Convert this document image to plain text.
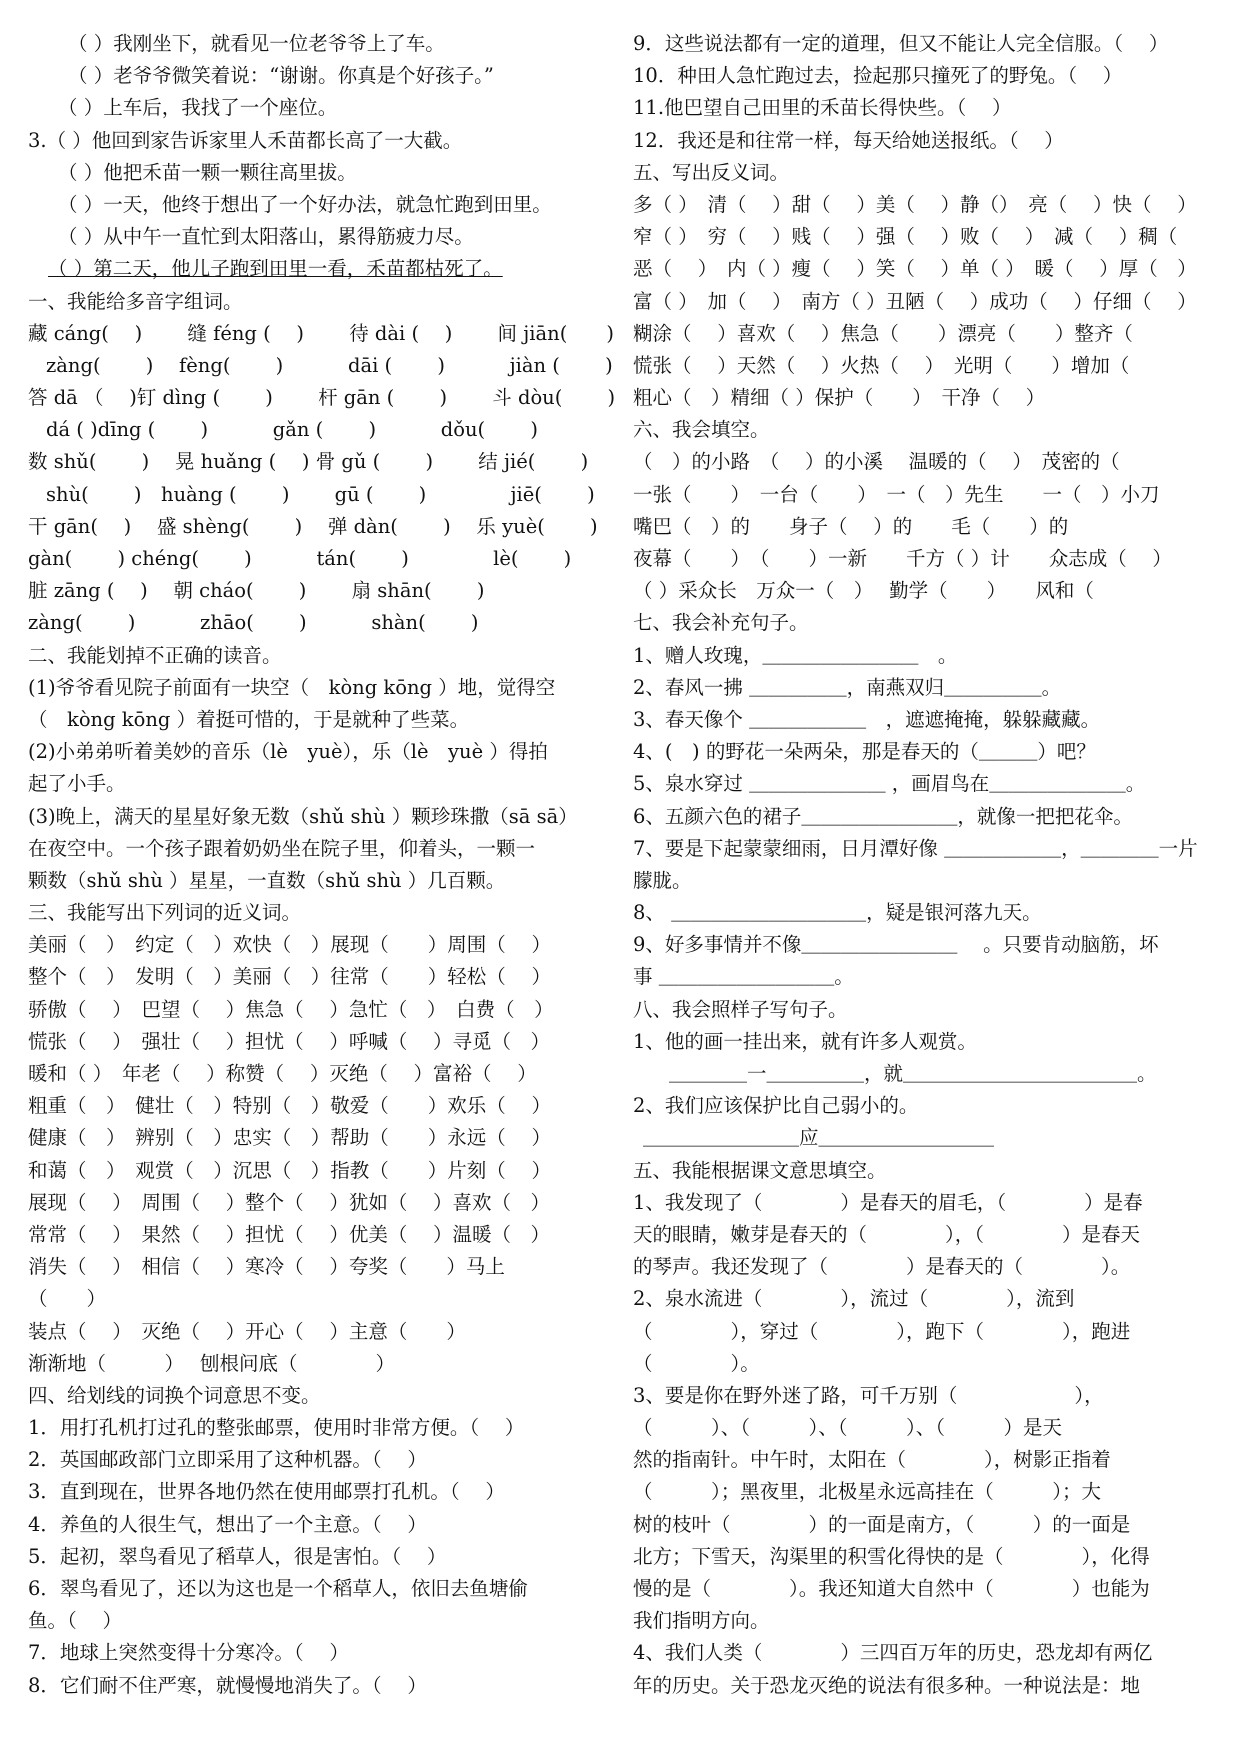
（ ）我刚坐下，就看见一位老爷爷上了车。
（ ）老爷爷微笑着说：“谢谢。你真是个好孩子。”
（ ）上车后，我找了一个座位。
3.（ ）他回到家告诉家里人禾苗都长高了一大截。
（ ）他把禾苗一颗一颗往高里拔。
（ ）一天，他终于想出了一个好办法，就急忙跑到田里。
（ ）从中午一直忙到太阳落山，累得筋疲力尽。
（ ）第二天，他儿子跑到田里一看，禾苗都枯死了。
一、我能给多音字组词。
藏 cáng(　 )　　 缝 féng (　 )　　 待 dài (　 )　　 间 jiān(　　)
zàng(　　 )　 fèng(　　 )　　　 dāi (　　 )　　　 jiàn (　　 )
答 dā （　 )钉 dìng (　　 )　　 杆 gān (　　 )　　 斗 dòu(　　 )
dá ( )dīng (　　 )　　　 gǎn (　　 )　　　 dǒu(　　 )
数 shǔ(　　 )　 晃 huǎng (　 ) 骨 gǔ (　　 )　　 结 jié(　　 )
shù(　　 )　huàng (　　 )　　 gū (　　 )　　　　 jiē(　　 )
干 gān(　 )　 盛 shèng(　　 )　 弹 dàn(　　 )　 乐 yuè(　　 )
gàn(　　 ) chéng(　　 )　　　 tán(　　 )　　　　 lè(　　 )
脏 zāng (　 )　 朝 cháo(　　 )　　 扇 shān(　　 )
zàng(　　 )　　　 zhāo(　　 )　　　 shàn(　　 )
二、我能划掉不正确的读音。
(1)爷爷看见院子前面有一块空（　kòng kōng ）地，觉得空
（　kòng kōng ）着挺可惜的，于是就种了些菜。
(2)小弟弟听着美妙的音乐（lè　yuè），乐（lè　yuè ）得拍
起了小手。
(3)晚上，满天的星星好象无数（shǔ shù ）颗珍珠撒（sā sā）
在夜空中。一个孩子跟着奶奶坐在院子里，仰着头，一颗一
颗数（shǔ shù ）星星，一直数（shǔ shù ）几百颗。
三、我能写出下列词的近义词。
美丽（　）　约定（　）欢快（　）展现（　　）周围（　 ）
整个（　）　发明（　）美丽（　）往常（　　）轻松（　 ）
骄傲（　 ）　巴望（　 ）焦急（　 ）急忙（　）　白费（　）
慌张（　 ）　强壮（　 ）担忧（　 ）呼喊（　 ）寻觅（　）
暖和（ ）　年老（　 ）称赞（　 ）灭绝（　 ）富裕（　 ）
粗重（　）　健壮（　）特别（　）敬爱（　　）欢乐（　 ）
健康（　）　辨别（　）忠实（　）帮助（　　）永远（　 ）
和蔼（　）　观赏（　）沉思（　）指教（　　）片刻（　 ）
展现（　 ）　周围（　 ）整个（　 ）犹如（　 ）喜欢（　）
常常（　 ）　果然（　 ）担忧（　 ）优美（　 ）温暖（　）
消失（　 ）　相信（　 ）寒冷（　 ）夸奖（　　）马上
（　　）
装点（　 ）　灭绝（　 ）开心（　 ）主意（　　）
渐渐地（　　　）　 刨根问底（　　　　）
四、给划线的词换个词意思不变。
1．用打孔机打过孔的整张邮票，使用时非常方便。（　 ）
2．英国邮政部门立即采用了这种机器。（　 ）
3．直到现在，世界各地仍然在使用邮票打孔机。（　 ）
4．养鱼的人很生气，想出了一个主意。（　 ）
5．起初，翠鸟看见了稻草人，很是害怕。（　 ）
6．翠鸟看见了，还以为这也是一个稻草人，依旧去鱼塘偷
鱼。（　 ）
7．地球上突然变得十分寒冷。（　 ）
8．它们耐不住严寒，就慢慢地消失了。（　 ）
9．这些说法都有一定的道理，但又不能让人完全信服。（　 ）
10．种田人急忙跑过去，捡起那只撞死了的野兔。（　 ）
11.他巴望自己田里的禾苗长得快些。（　 ）
12．我还是和往常一样，每天给她送报纸。（　 ）
五、写出反义词。
多（ ）　清（　 ）甜（　 ）美（　 ）静（）　亮（　 ）快（　 ）
窄（ ）　穷（　 ）贱（　 ）强（　 ）败（　 ）　减（　 ）稠（
恶（　 ）　内（ ）瘦（　 ）笑（　 ）单（ ）　暖（　 ）厚（　）
富（ ）　加（　 ）　南方（ ）丑陋（　 ）成功（　 ）仔细（　 ）
糊涂（　 ）喜欢（　 ）焦急（　　）漂亮（　　）整齐（
慌张（　 ）天然（　 ）火热（　 ）　光明（　　）增加（
粗心（　）精细（ ）保护（　　）　干净（　 ）
六、我会填空。
（　）的小路　（　 ）的小溪　 温暖的（　 ）　茂密的（
一张（　　）　一台（　　）　一（　）先生　　一（　）小刀
嘴巴（　）的　　身子（　 ）的　　毛（　　）的
夜幕（　　）　（　　）一新　　千方（ ）计　　众志成（　 ）
（ ）采众长　万众一（　）　 勤学（　　）　　风和（
七、我会补充句子。
1、赠人玫瑰，＿＿＿＿＿＿＿＿　。
2、春风一拂 ＿＿＿＿＿，南燕双归＿＿＿＿＿。
3、春天像个 ＿＿＿＿＿＿　，遮遮掩掩，躲躲藏藏。
4、(　) 的野花一朵两朵，那是春天的（＿＿＿）吧？
5、泉水穿过 ＿＿＿＿＿＿＿ ，画眉鸟在＿＿＿＿＿＿＿。
6、五颜六色的裙子＿＿＿＿＿＿＿＿，就像一把把花伞。
7、要是下起蒙蒙细雨，日月潭好像 ＿＿＿＿＿＿，＿＿＿＿一片
朦胧。
8、 ＿＿＿＿＿＿＿＿＿＿，疑是银河落九天。
9、好多事情并不像＿＿＿＿＿＿＿＿　 。只要肯动脑筋，坏
事 ＿＿＿＿＿＿＿＿＿。
八、我会照样子写句子。
1、他的画一挂出来，就有许多人观赏。
＿＿＿＿一＿＿＿＿＿，就＿＿＿＿＿＿＿＿＿＿＿＿。
2、我们应该保护比自己弱小的。
＿＿＿＿＿＿＿＿应＿＿＿＿＿＿＿＿＿
五、我能根据课文意思填空。
1、我发现了（　　　　）是春天的眉毛，（　　　　）是春
天的眼睛，嫩芽是春天的（　　　　），（　　　　）是春天
的琴声。我还发现了（　　　　）是春天的（　　　　）。
2、泉水流进（　　　　），流过（　　　　），流到
（　　　　），穿过（　　　　），跑下（　　　　），跑进
（　　　　）。
3、要是你在野外迷了路，可千万别（　　　　　　），
（　　　）、（　　　）、（　　　）、（　　　）是天
然的指南针。中午时，太阳在（　　　　），树影正指着
（　　　）；黑夜里，北极星永远高挂在（　　　）；大
树的枝叶（　　　　）的一面是南方，（　　　）的一面是
北方；下雪天，沟渠里的积雪化得快的是（　　　　），化得
慢的是（　　　　）。我还知道大自然中（　　　　）也能为
我们指明方向。
4、我们人类（　　　　）三四百万年的历史，恐龙却有两亿
年的历史。关于恐龙灭绝的说法有很多种。一种说法是：地
